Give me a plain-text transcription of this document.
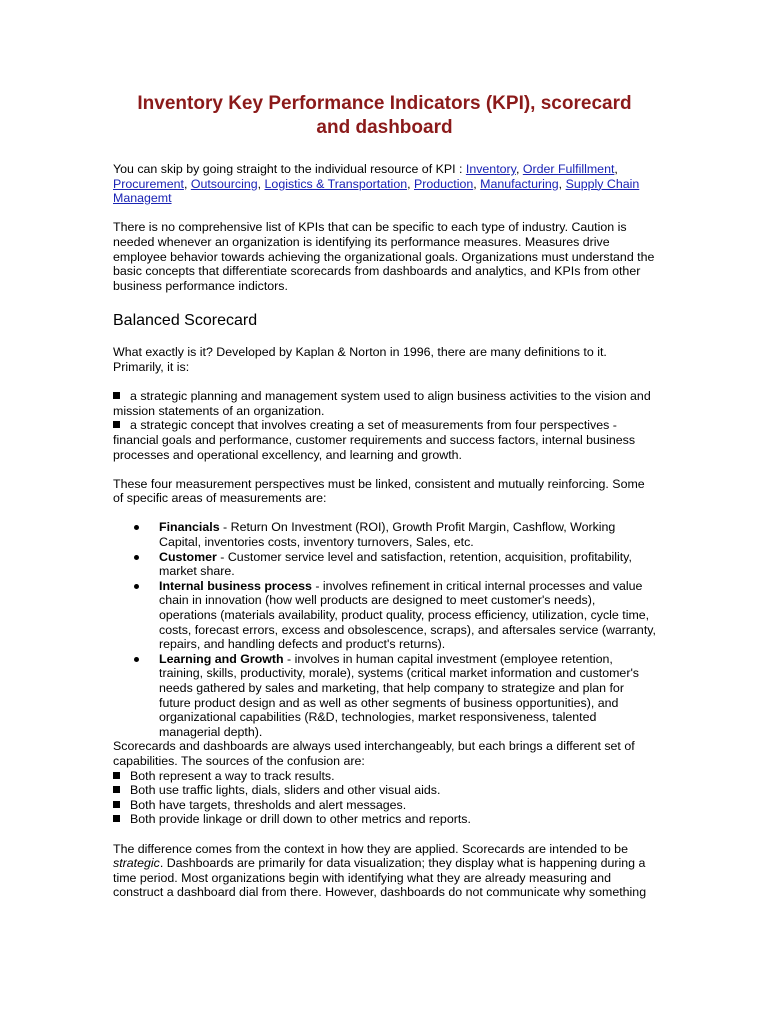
Inventory Key Performance Indicators (KPI), scorecard and dashboard

You can skip by going straight to the individual resource of KPI : Inventory, Order Fulfillment, Procurement, Outsourcing, Logistics & Transportation, Production, Manufacturing, Supply Chain Managemt

There is no comprehensive list of KPIs that can be specific to each type of industry. Caution is needed whenever an organization is identifying its performance measures. Measures drive employee behavior towards achieving the organizational goals. Organizations must understand the basic concepts that differentiate scorecards from dashboards and analytics, and KPIs from other business performance indictors.

Balanced Scorecard

What exactly is it? Developed by Kaplan & Norton in 1996, there are many definitions to it. Primarily, it is:

a strategic planning and management system used to align business activities to the vision and mission statements of an organization.

a strategic concept that involves creating a set of measurements from four perspectives - financial goals and performance, customer requirements and success factors, internal business processes and operational excellency, and learning and growth.

These four measurement perspectives must be linked, consistent and mutually reinforcing. Some of specific areas of measurements are:

Financials - Return On Investment (ROI), Growth Profit Margin, Cashflow, Working Capital, inventories costs, inventory turnovers, Sales, etc.
Customer - Customer service level and satisfaction, retention, acquisition, profitability, market share.
Internal business process - involves refinement in critical internal processes and value chain in innovation (how well products are designed to meet customer's needs), operations (materials availability, product quality, process efficiency, utilization, cycle time, costs, forecast errors, excess and obsolescence, scraps), and aftersales service (warranty, repairs, and handling defects and product's returns).
Learning and Growth - involves in human capital investment (employee retention, training, skills, productivity, morale), systems (critical market information and customer's needs gathered by sales and marketing, that help company to strategize and plan for future product design and as well as other segments of business opportunities), and organizational capabilities (R&D, technologies, market responsiveness, talented managerial depth).

Scorecards and dashboards are always used interchangeably, but each brings a different set of capabilities. The sources of the confusion are:

Both represent a way to track results.

Both use traffic lights, dials, sliders and other visual aids.

Both have targets, thresholds and alert messages.

Both provide linkage or drill down to other metrics and reports.

The difference comes from the context in how they are applied. Scorecards are intended to be strategic. Dashboards are primarily for data visualization; they display what is happening during a time period. Most organizations begin with identifying what they are already measuring and construct a dashboard dial from there. However, dashboards do not communicate why something
